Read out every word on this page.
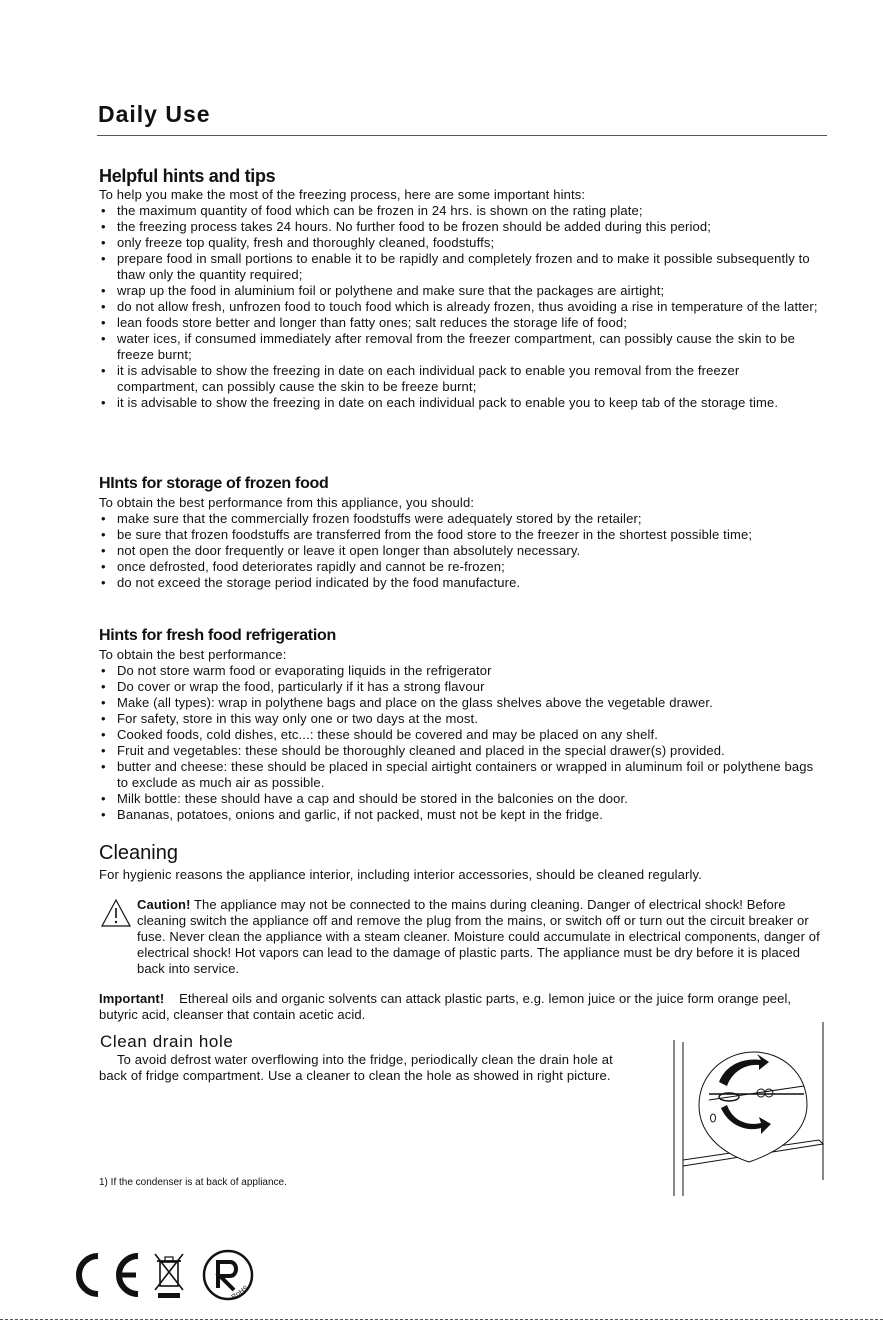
Daily Use
Helpful hints and tips

To help you make the most of the freezing process, here are some important hints:

• the maximum quantity of food which can be frozen in 24 hrs. is shown on the rating plate;
• the freezing process takes 24 hours. No further food to be frozen should be added during this period;
• only freeze top quality, fresh and thoroughly cleaned, foodstuffs;
• prepare food in small portions to enable it to be rapidly and completely frozen and to make it possible subsequently to thaw only the quantity required;
• wrap up the food in aluminium foil or polythene and make sure that the packages are airtight;
• do not allow fresh, unfrozen food to touch food which is already frozen, thus avoiding a rise in temperature of the latter;
• lean foods store better and longer than fatty ones; salt reduces the storage life of food;
• water ices, if consumed immediately after removal from the freezer compartment, can possibly cause the skin to be freeze burnt;
• it is advisable to show the freezing in date on each individual pack to enable you removal from the freezer compartment, can possibly cause the skin to be freeze burnt;
• it is advisable to show the freezing in date on each individual pack to enable you to keep tab of the storage time.
HInts for storage of frozen food

To obtain the best performance from this appliance, you should:

• make sure that the commercially frozen foodstuffs were adequately stored by the retailer;
• be sure that frozen foodstuffs are transferred from the food store to the freezer in the shortest possible time;
• not open the door frequently or leave it open longer than absolutely necessary.
• once defrosted, food deteriorates rapidly and cannot be re-frozen;
• do not exceed the storage period indicated by the food manufacture.
Hints for fresh food refrigeration

To obtain the best performance:

• Do not store warm food or evaporating liquids in the refrigerator
• Do cover or wrap the food, particularly if it has a strong flavour
• Make (all types): wrap in polythene bags and place on the glass shelves above the vegetable drawer.
• For safety, store in this way only one or two days at the most.
• Cooked foods, cold dishes, etc...: these should be covered and may be placed on any shelf.
• Fruit and vegetables: these should be thoroughly cleaned and placed in the special drawer(s) provided.
• butter and cheese: these should be placed in special airtight containers or wrapped in aluminum foil or polythene bags to exclude as much air as possible.
• Milk bottle: these should have a cap and should be stored in the balconies on the door.
• Bananas, potatoes, onions and garlic, if not packed, must not be kept in the fridge.
Cleaning

For hygienic reasons the appliance interior, including interior accessories, should be cleaned regularly.

Caution! The appliance may not be connected to the mains during cleaning. Danger of electrical shock! Before cleaning switch the appliance off and remove the plug from the mains, or switch off or turn out the circuit breaker or fuse. Never clean the appliance with a steam cleaner. Moisture could accumulate in electrical components, danger of electrical shock! Hot vapors can lead to the damage of plastic parts. The appliance must be dry before it is placed back into service.
Important!    Ethereal oils and organic solvents can attack plastic parts, e.g. lemon juice or the juice form orange peel, butyric acid, cleanser that contain acetic acid.
Clean drain hole

To avoid defrost water overflowing into the fridge, periodically clean the drain hole at back of fridge compartment. Use a cleaner to clean the hole as showed in right picture.

1) If the condenser is at back of appliance.

RoHS
